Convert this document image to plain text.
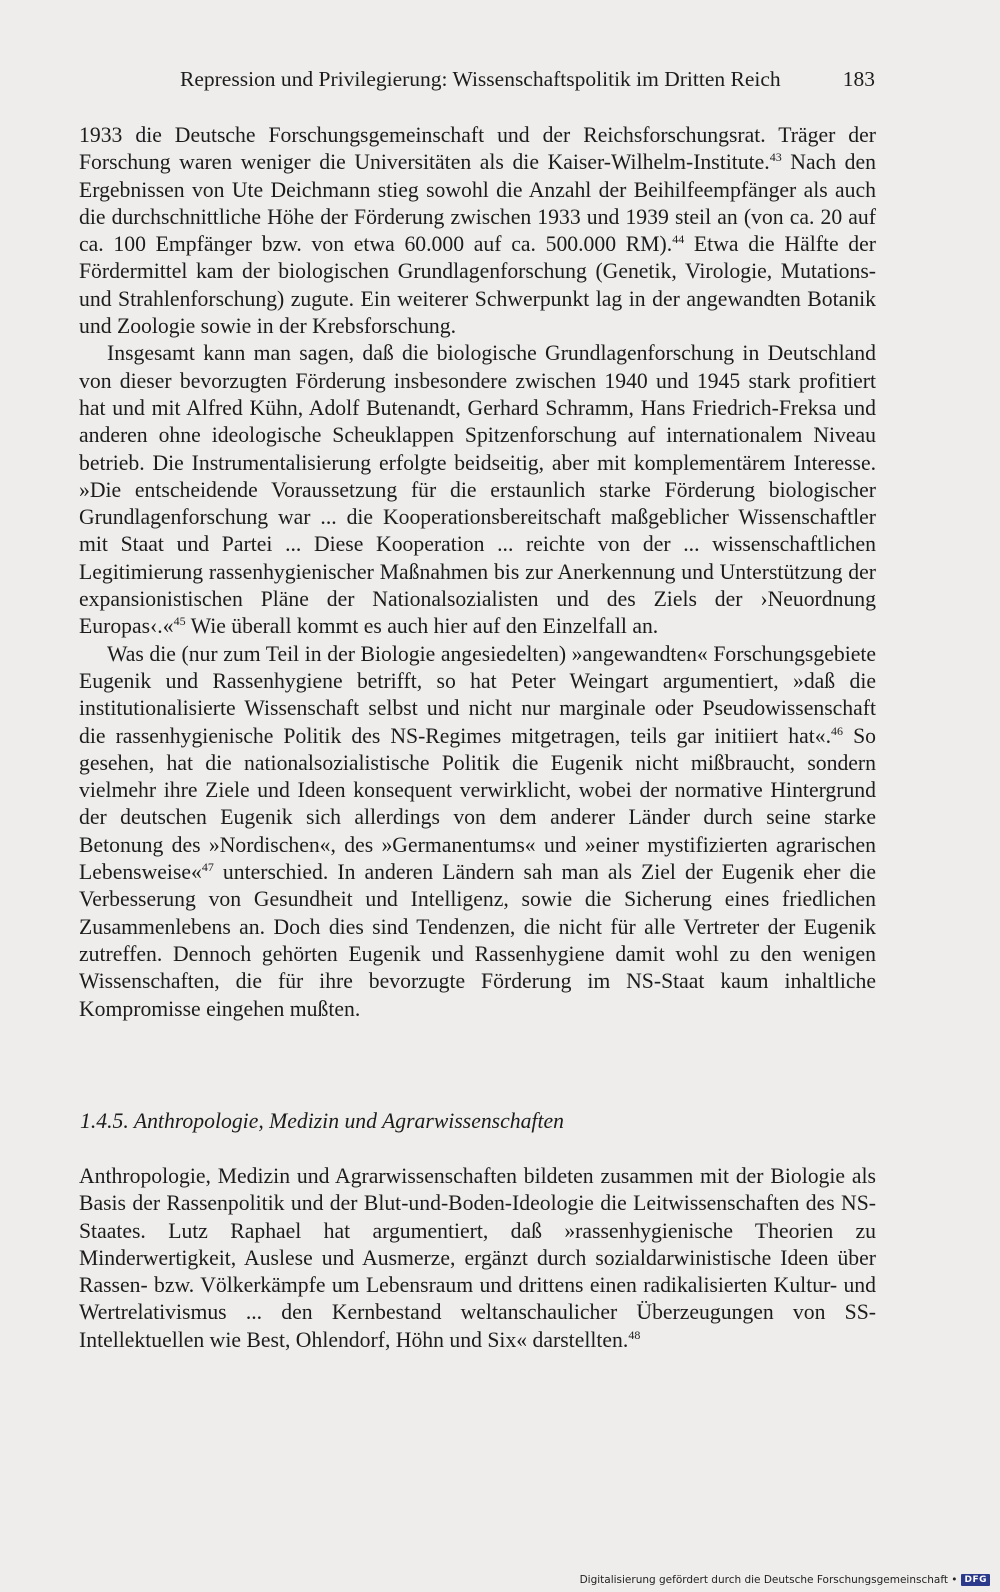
Repression und Privilegierung: Wissenschaftspolitik im Dritten Reich	183

1933 die Deutsche Forschungsgemeinschaft und der Reichsforschungsrat. Träger der Forschung waren weniger die Universitäten als die Kaiser-Wilhelm-Institute.$^{43}$ Nach den Ergebnissen von Ute Deichmann stieg sowohl die Anzahl der Beihilfeempfänger als auch die durchschnittliche Höhe der Förderung zwischen 1933 und 1939 steil an (von ca. 20 auf ca. 100 Empfänger bzw. von etwa 60.000 auf ca. 500.000 RM).$^{44}$ Etwa die Hälfte der Fördermittel kam der biologischen Grundlagenforschung (Genetik, Virologie, Mutations- und Strahlenforschung) zugute. Ein weiterer Schwerpunkt lag in der angewandten Botanik und Zoologie sowie in der Krebsforschung.

Insgesamt kann man sagen, daß die biologische Grundlagenforschung in Deutschland von dieser bevorzugten Förderung insbesondere zwischen 1940 und 1945 stark profitiert hat und mit Alfred Kühn, Adolf Butenandt, Gerhard Schramm, Hans Friedrich-Freksa und anderen ohne ideologische Scheuklappen Spitzenforschung auf internationalem Niveau betrieb. Die Instrumentalisierung erfolgte beidseitig, aber mit komplementärem Interesse. »Die entscheidende Voraussetzung für die erstaunlich starke Förderung biologischer Grundlagenforschung war ... die Kooperationsbereitschaft maßgeblicher Wissenschaftler mit Staat und Partei ... Diese Kooperation ... reichte von der ... wissenschaftlichen Legitimierung rassenhygienischer Maßnahmen bis zur Anerkennung und Unterstützung der expansionistischen Pläne der Nationalsozialisten und des Ziels der ›Neuordnung Europas‹.«$^{45}$ Wie überall kommt es auch hier auf den Einzelfall an.

Was die (nur zum Teil in der Biologie angesiedelten) »angewandten« Forschungsgebiete Eugenik und Rassenhygiene betrifft, so hat Peter Weingart argumentiert, »daß die institutionalisierte Wissenschaft selbst und nicht nur marginale oder Pseudowissenschaft die rassenhygienische Politik des NS-Regimes mitgetragen, teils gar initiiert hat«.$^{46}$ So gesehen, hat die nationalsozialistische Politik die Eugenik nicht mißbraucht, sondern vielmehr ihre Ziele und Ideen konsequent verwirklicht, wobei der normative Hintergrund der deutschen Eugenik sich allerdings von dem anderer Länder durch seine starke Betonung des »Nordischen«, des »Germanentums« und »einer mystifizierten agrarischen Lebensweise«$^{47}$ unterschied. In anderen Ländern sah man als Ziel der Eugenik eher die Verbesserung von Gesundheit und Intelligenz, sowie die Sicherung eines friedlichen Zusammenlebens an. Doch dies sind Tendenzen, die nicht für alle Vertreter der Eugenik zutreffen. Dennoch gehörten Eugenik und Rassenhygiene damit wohl zu den wenigen Wissenschaften, die für ihre bevorzugte Förderung im NS-Staat kaum inhaltliche Kompromisse eingehen mußten.

1.4.5. Anthropologie, Medizin und Agrarwissenschaften

Anthropologie, Medizin und Agrarwissenschaften bildeten zusammen mit der Biologie als Basis der Rassenpolitik und der Blut-und-Boden-Ideologie die Leitwissenschaften des NS-Staates. Lutz Raphael hat argumentiert, daß »rassenhygienische Theorien zu Minderwertigkeit, Auslese und Ausmerze, ergänzt durch sozialdarwinistische Ideen über Rassen- bzw. Völkerkämpfe um Lebensraum und drittens einen radikalisierten Kultur- und Wertrelativismus ... den Kernbestand weltanschaulicher Überzeugungen von SS-Intellektuellen wie Best, Ohlendorf, Höhn und Six« darstellten.$^{48}$

Digitalisierung gefördert durch die Deutsche Forschungsgemeinschaft • DFG
